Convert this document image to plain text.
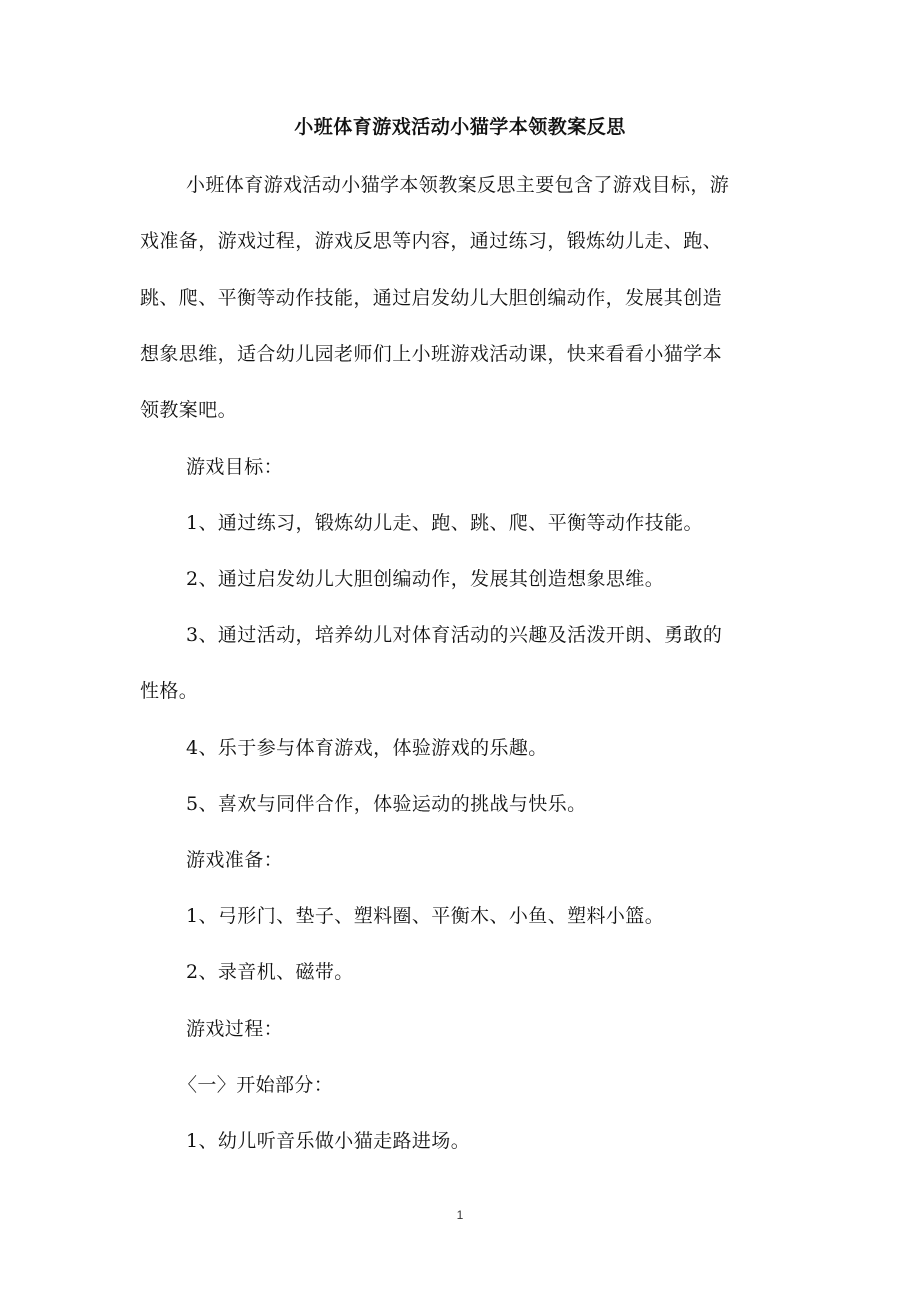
小班体育游戏活动小猫学本领教案反思
小班体育游戏活动小猫学本领教案反思主要包含了游戏目标，游
戏准备，游戏过程，游戏反思等内容，通过练习，锻炼幼儿走、跑、
跳、爬、平衡等动作技能，通过启发幼儿大胆创编动作，发展其创造
想象思维，适合幼儿园老师们上小班游戏活动课，快来看看小猫学本
领教案吧。
游戏目标：
1、通过练习，锻炼幼儿走、跑、跳、爬、平衡等动作技能。
2、通过启发幼儿大胆创编动作，发展其创造想象思维。
3、通过活动，培养幼儿对体育活动的兴趣及活泼开朗、勇敢的
性格。
4、乐于参与体育游戏，体验游戏的乐趣。
5、喜欢与同伴合作，体验运动的挑战与快乐。
游戏准备：
1、弓形门、垫子、塑料圈、平衡木、小鱼、塑料小篮。
2、录音机、磁带。
游戏过程：
〈一〉开始部分：
1、幼儿听音乐做小猫走路进场。
1
